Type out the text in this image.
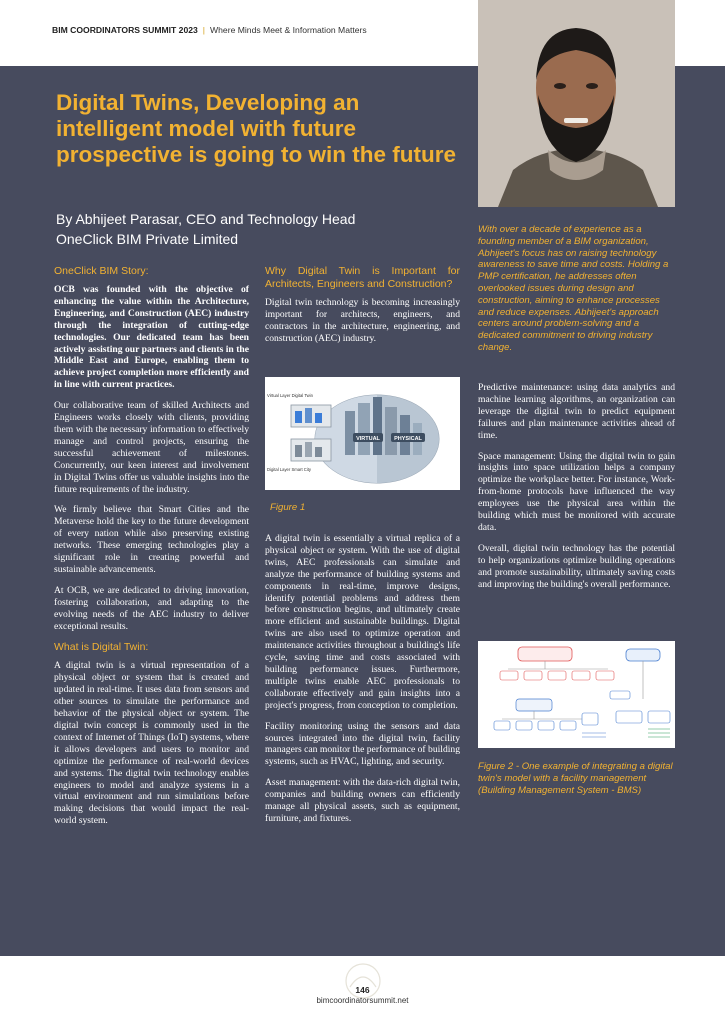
BIM COORDINATORS SUMMIT 2023 | Where Minds Meet & Information Matters
Digital Twins, Developing an intelligent model with future prospective is going to win the future
By Abhijeet Parasar, CEO and Technology Head
OneClick BIM Private Limited
With over a decade of experience as a founding member of a BIM organization, Abhijeet's focus has on raising technology awareness to save time and costs. Holding a PMP certification, he addresses often overlooked issues during design and construction, aiming to enhance processes and reduce expenses. Abhijeet's approach centers around problem-solving and a dedicated commitment to driving industry change.
OneClick BIM Story:

OCB was founded with the objective of enhancing the value within the Architecture, Engineering, and Construction (AEC) industry through the integration of cutting-edge technologies. Our dedicated team has been actively assisting our partners and clients in the Middle East and Europe, enabling them to achieve project completion more efficiently and in line with current practices.

Our collaborative team of skilled Architects and Engineers works closely with clients, providing them with the necessary information to effectively manage and control projects, ensuring the successful achievement of milestones. Concurrently, our keen interest and involvement in Digital Twins offer us valuable insights into the future requirements of the industry.

We firmly believe that Smart Cities and the Metaverse hold the key to the future development of every nation while also preserving existing networks. These emerging technologies play a significant role in creating powerful and sustainable advancements.

At OCB, we are dedicated to driving innovation, fostering collaboration, and adapting to the evolving needs of the AEC industry to deliver exceptional results.

What is Digital Twin:

A digital twin is a virtual representation of a physical object or system that is created and updated in real-time. It uses data from sensors and other sources to simulate the performance and behavior of the physical object or system. The digital twin concept is commonly used in the context of Internet of Things (IoT) systems, where it allows developers and users to monitor and optimize the performance of real-world devices and systems. The digital twin technology enables engineers to model and analyze systems in a virtual environment and run simulations before making decisions that would impact the real-world system.

Why Digital Twin is Important for Architects, Engineers and Construction?

Digital twin technology is becoming increasingly important for architects, engineers, and contractors in the architecture, engineering, and construction (AEC) industry.

VIRTUAL	PHYSICAL
Virtual Layer Digital Twin
Digital Layer Smart City
Figure 1

A digital twin is essentially a virtual replica of a physical object or system. With the use of digital twins, AEC professionals can simulate and analyze the performance of building systems and components in real-time, improve designs, identify potential problems and address them before construction begins, and ultimately create more efficient and sustainable buildings. Digital twins are also used to optimize operation and maintenance activities throughout a building's life cycle, saving time and costs associated with building performance issues. Furthermore, multiple twins enable AEC professionals to collaborate effectively and gain insights into a project's progress, from conception to completion.

Facility monitoring using the sensors and data sources integrated into the digital twin, facility managers can monitor the performance of building systems, such as HVAC, lighting, and security.

Asset management: with the data-rich digital twin, companies and building owners can efficiently manage all physical assets, such as equipment, furniture, and fixtures.

Predictive maintenance: using data analytics and machine learning algorithms, an organization can leverage the digital twin to predict equipment failures and plan maintenance activities ahead of time.

Space management: Using the digital twin to gain insights into space utilization helps a company optimize the workplace better. For instance, Work-from-home protocols have influenced the way employees use the physical area within the building which must be monitored with accurate data.

Overall, digital twin technology has the potential to help organizations optimize building operations and promote sustainability, ultimately saving costs and improving the building's overall performance.

Figure 2 - One example of integrating a digital twin's model with a facility management (Building Management System - BMS)
146
bimcoordinatorsummit.net
